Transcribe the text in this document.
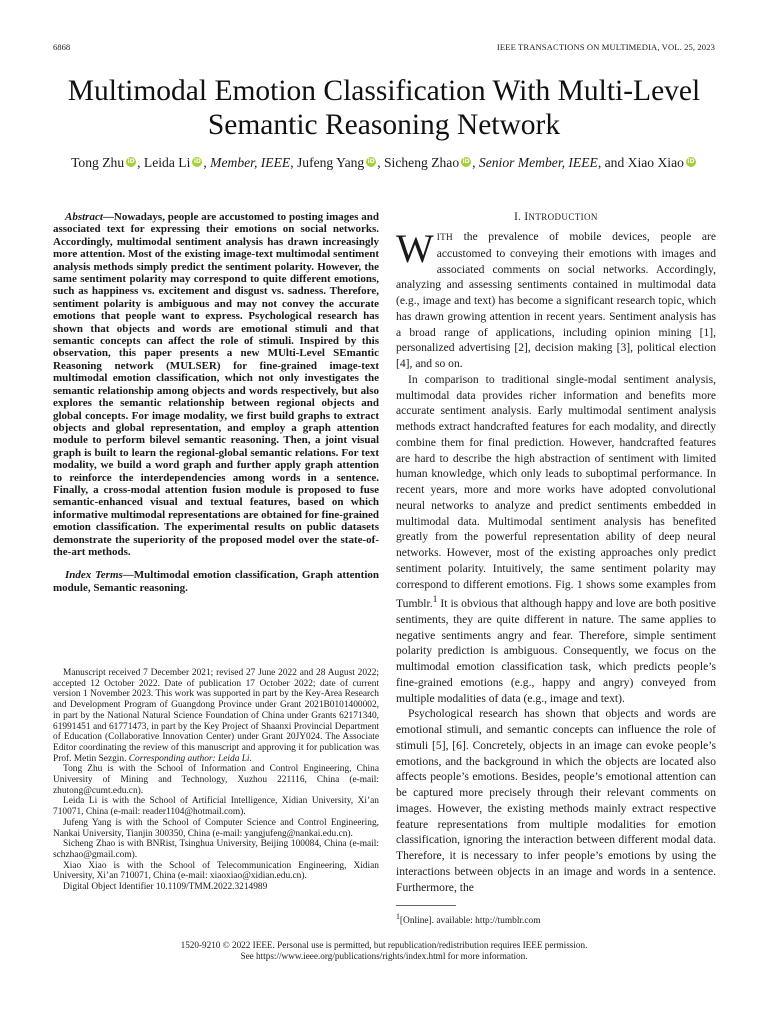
6868	IEEE TRANSACTIONS ON MULTIMEDIA, VOL. 25, 2023
Multimodal Emotion Classification With Multi-Level
Semantic Reasoning Network
Tong Zhu iD , Leida Li iD , Member, IEEE, Jufeng Yang iD , Sicheng Zhao iD , Senior Member, IEEE, and Xiao Xiao iD

Abstract—Nowadays, people are accustomed to posting images and associated text for expressing their emotions on social networks. Accordingly, multimodal sentiment analysis has drawn increasingly more attention. Most of the existing image-text multimodal sentiment analysis methods simply predict the sentiment polarity. However, the same sentiment polarity may correspond to quite different emotions, such as happiness vs. excitement and disgust vs. sadness. Therefore, sentiment polarity is ambiguous and may not convey the accurate emotions that people want to express. Psychological research has shown that objects and words are emotional stimuli and that semantic concepts can affect the role of stimuli. Inspired by this observation, this paper presents a new MUlti-Level SEmantic Reasoning network (MULSER) for fine-grained image-text multimodal emotion classification, which not only investigates the semantic relationship among objects and words respectively, but also explores the semantic relationship between regional objects and global concepts. For image modality, we first build graphs to extract objects and global representation, and employ a graph attention module to perform bilevel semantic reasoning. Then, a joint visual graph is built to learn the regional-global semantic relations. For text modality, we build a word graph and further apply graph attention to reinforce the interdependencies among words in a sentence. Finally, a cross-modal attention fusion module is proposed to fuse semantic-enhanced visual and textual features, based on which informative multimodal representations are obtained for fine-grained emotion classification. The experimental results on public datasets demonstrate the superiority of the proposed model over the state-of-the-art methods.

Index Terms—Multimodal emotion classification, Graph attention module, Semantic reasoning.

Manuscript received 7 December 2021; revised 27 June 2022 and 28 August 2022; accepted 12 October 2022. Date of publication 17 October 2022; date of current version 1 November 2023. This work was supported in part by the Key-Area Research and Development Program of Guangdong Province under Grant 2021B0101400002, in part by the National Natural Science Foundation of China under Grants 62171340, 61991451 and 61771473, in part by the Key Project of Shaanxi Provincial Department of Education (Collaborative Innovation Center) under Grant 20JY024. The Associate Editor coordinating the review of this manuscript and approving it for publication was Prof. Metin Sezgin. Corresponding author: Leida Li.

Tong Zhu is with the School of Information and Control Engineering, China University of Mining and Technology, Xuzhou 221116, China (e-mail: zhutong@cumt.edu.cn).

Leida Li is with the School of Artificial Intelligence, Xidian University, Xi’an 710071, China (e-mail: reader1104@hotmail.com).

Jufeng Yang is with the School of Computer Science and Control Engineering, Nankai University, Tianjin 300350, China (e-mail: yangjufeng@nankai.edu.cn).

Sicheng Zhao is with BNRist, Tsinghua University, Beijing 100084, China (e-mail: schzhao@gmail.com).

Xiao Xiao is with the School of Telecommunication Engineering, Xidian University, Xi’an 710071, China (e-mail: xiaoxiao@xidian.edu.cn).

Digital Object Identifier 10.1109/TMM.2022.3214989

I. INTRODUCTION

WITH the prevalence of mobile devices, people are accustomed to conveying their emotions with images and associated comments on social networks. Accordingly, analyzing and assessing sentiments contained in multimodal data (e.g., image and text) has become a significant research topic, which has drawn growing attention in recent years. Sentiment analysis has a broad range of applications, including opinion mining [1], personalized advertising [2], decision making [3], political election [4], and so on.

In comparison to traditional single-modal sentiment analysis, multimodal data provides richer information and benefits more accurate sentiment analysis. Early multimodal sentiment analysis methods extract handcrafted features for each modality, and directly combine them for final prediction. However, handcrafted features are hard to describe the high abstraction of sentiment with limited human knowledge, which only leads to suboptimal performance. In recent years, more and more works have adopted convolutional neural networks to analyze and predict sentiments embedded in multimodal data. Multimodal sentiment analysis has benefited greatly from the powerful representation ability of deep neural networks. However, most of the existing approaches only predict sentiment polarity. Intuitively, the same sentiment polarity may correspond to different emotions. Fig. 1 shows some examples from Tumblr.$^1$ It is obvious that although happy and love are both positive sentiments, they are quite different in nature. The same applies to negative sentiments angry and fear. Therefore, simple sentiment polarity prediction is ambiguous. Consequently, we focus on the multimodal emotion classification task, which predicts people’s fine-grained emotions (e.g., happy and angry) conveyed from multiple modalities of data (e.g., image and text).

Psychological research has shown that objects and words are emotional stimuli, and semantic concepts can influence the role of stimuli [5], [6]. Concretely, objects in an image can evoke people’s emotions, and the background in which the objects are located also affects people’s emotions. Besides, people’s emotional attention can be captured more precisely through their relevant comments on images. However, the existing methods mainly extract respective feature representations from multiple modalities for emotion classification, ignoring the interaction between different modal data. Therefore, it is necessary to infer people’s emotions by using the interactions between objects in an image and words in a sentence. Furthermore, the

$^1$[Online]. available: http://tumblr.com
1520-9210 © 2022 IEEE. Personal use is permitted, but republication/redistribution requires IEEE permission.
See https://www.ieee.org/publications/rights/index.html for more information.
